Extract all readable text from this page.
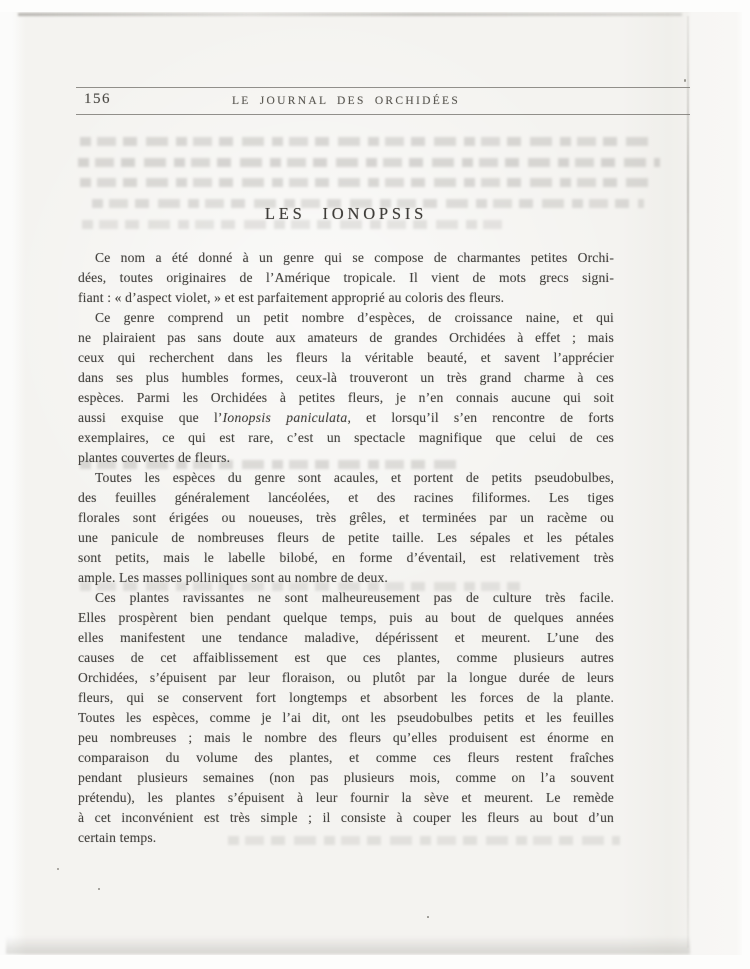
156	LE JOURNAL DES ORCHIDÉES
LES IONOPSIS
Ce nom a été donné à un genre qui se compose de charmantes petites Orchi-
dées, toutes originaires de l’Amérique tropicale. Il vient de mots grecs signi-
fiant : « d’aspect violet, » et est parfaitement approprié au coloris des fleurs.
Ce genre comprend un petit nombre d’espèces, de croissance naine, et qui
ne plairaient pas sans doute aux amateurs de grandes Orchidées à effet ; mais
ceux qui recherchent dans les fleurs la véritable beauté, et savent l’apprécier
dans ses plus humbles formes, ceux-là trouveront un très grand charme à ces
espèces. Parmi les Orchidées à petites fleurs, je n’en connais aucune qui soit
aussi exquise que l’Ionopsis paniculata, et lorsqu’il s’en rencontre de forts
exemplaires, ce qui est rare, c’est un spectacle magnifique que celui de ces
plantes couvertes de fleurs.
Toutes les espèces du genre sont acaules, et portent de petits pseudobulbes,
des feuilles généralement lancéolées, et des racines filiformes. Les tiges
florales sont érigées ou noueuses, très grêles, et terminées par un racème ou
une panicule de nombreuses fleurs de petite taille. Les sépales et les pétales
sont petits, mais le labelle bilobé, en forme d’éventail, est relativement très
ample. Les masses polliniques sont au nombre de deux.
Ces plantes ravissantes ne sont malheureusement pas de culture très facile.
Elles prospèrent bien pendant quelque temps, puis au bout de quelques années
elles manifestent une tendance maladive, dépérissent et meurent. L’une des
causes de cet affaiblissement est que ces plantes, comme plusieurs autres
Orchidées, s’épuisent par leur floraison, ou plutôt par la longue durée de leurs
fleurs, qui se conservent fort longtemps et absorbent les forces de la plante.
Toutes les espèces, comme je l’ai dit, ont les pseudobulbes petits et les feuilles
peu nombreuses ; mais le nombre des fleurs qu’elles produisent est énorme en
comparaison du volume des plantes, et comme ces fleurs restent fraîches
pendant plusieurs semaines (non pas plusieurs mois, comme on l’a souvent
prétendu), les plantes s’épuisent à leur fournir la sève et meurent. Le remède
à cet inconvénient est très simple ; il consiste à couper les fleurs au bout d’un
certain temps.
